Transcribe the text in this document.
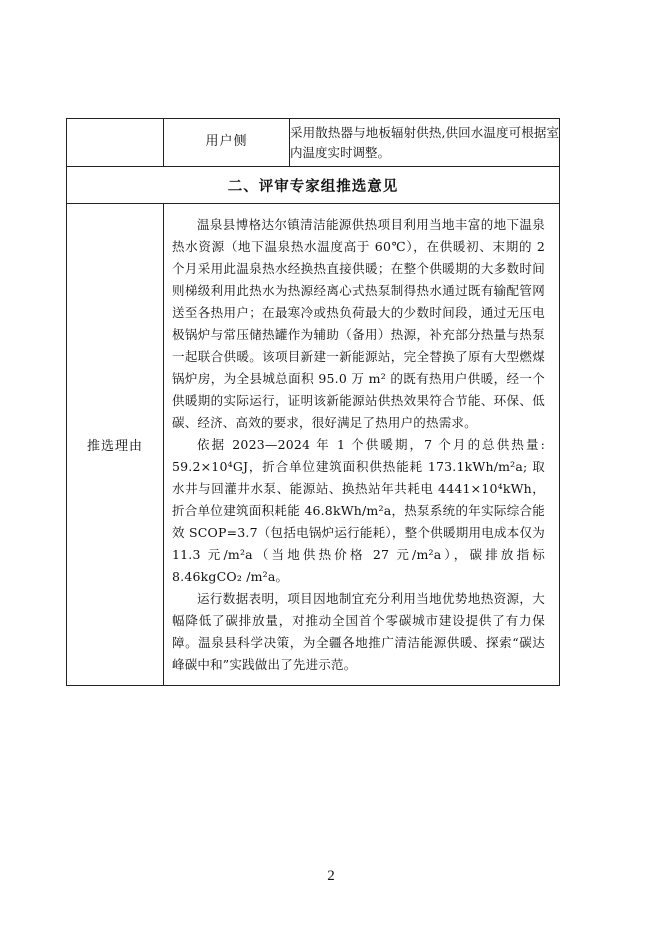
	用户侧	采用散热器与地板辐射供热,供回水温度可根据室内温度实时调整。
二、评审专家组推选意见		
推选理由	温泉县博格达尔镇清洁能源供热项目利用当地丰富的地下温泉热水资源（地下温泉热水温度高于 60℃），在供暖初、末期的 2 个月采用此温泉热水经换热直接供暖；在整个供暖期的大多数时间则梯级利用此热水为热源经离心式热泵制得热水通过既有输配管网送至各热用户；在最寒冷或热负荷最大的少数时间段，通过无压电极锅炉与常压储热罐作为辅助（备用）热源，补充部分热量与热泵一起联合供暖。该项目新建一新能源站，完全替换了原有大型燃煤锅炉房，为全县城总面积 95.0 万 m² 的既有热用户供暖，经一个供暖期的实际运行，证明该新能源站供热效果符合节能、环保、低碳、经济、高效的要求，很好满足了热用户的热需求。

依据 2023—2024 年 1 个供暖期，7 个月的总供热量: 59.2×10⁴GJ，折合单位建筑面积供热能耗 173.1kWh/m²a; 取水井与回灌井水泵、能源站、换热站年共耗电 4441×10⁴kWh，折合单位建筑面积耗能 46.8kWh/m²a，热泵系统的年实际综合能效 SCOP=3.7（包括电锅炉运行能耗），整个供暖期用电成本仅为 11.3 元/m²a（当地供热价格 27 元/m²a），碳排放指标 8.46kgCO₂ /m²a。

运行数据表明，项目因地制宜充分利用当地优势地热资源，大幅降低了碳排放量，对推动全国首个零碳城市建设提供了有力保障。温泉县科学决策，为全疆各地推广清洁能源供暖、探索“碳达峰碳中和”实践做出了先进示范。	

2
